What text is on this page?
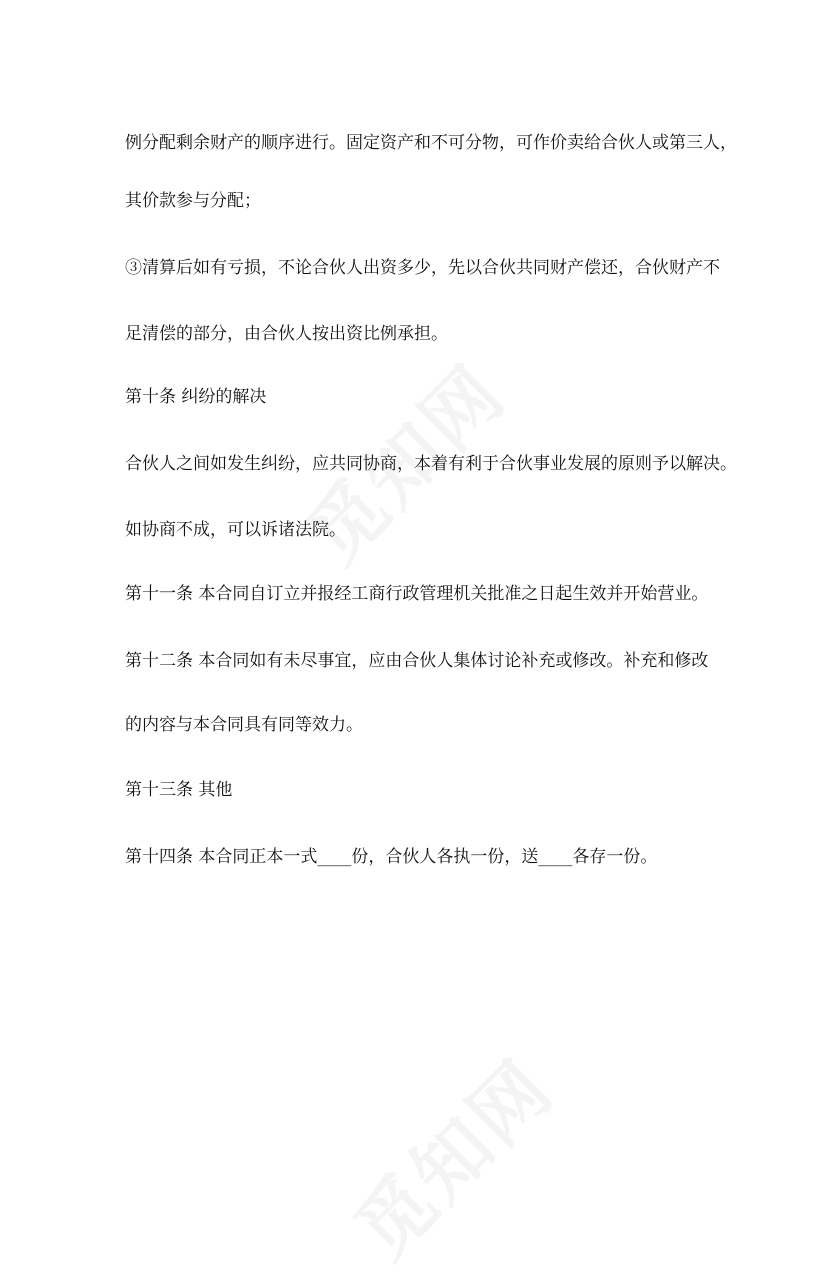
例分配剩余财产的顺序进行。固定资产和不可分物，可作价卖给合伙人或第三人，
其价款参与分配；
③清算后如有亏损，不论合伙人出资多少，先以合伙共同财产偿还，合伙财产不
足清偿的部分，由合伙人按出资比例承担。
第十条 纠纷的解决
合伙人之间如发生纠纷，应共同协商，本着有利于合伙事业发展的原则予以解决。
如协商不成，可以诉诸法院。
第十一条 本合同自订立并报经工商行政管理机关批准之日起生效并开始营业。
第十二条 本合同如有未尽事宜，应由合伙人集体讨论补充或修改。补充和修改
的内容与本合同具有同等效力。
第十三条 其他
第十四条 本合同正本一式____份，合伙人各执一份，送____各存一份。
